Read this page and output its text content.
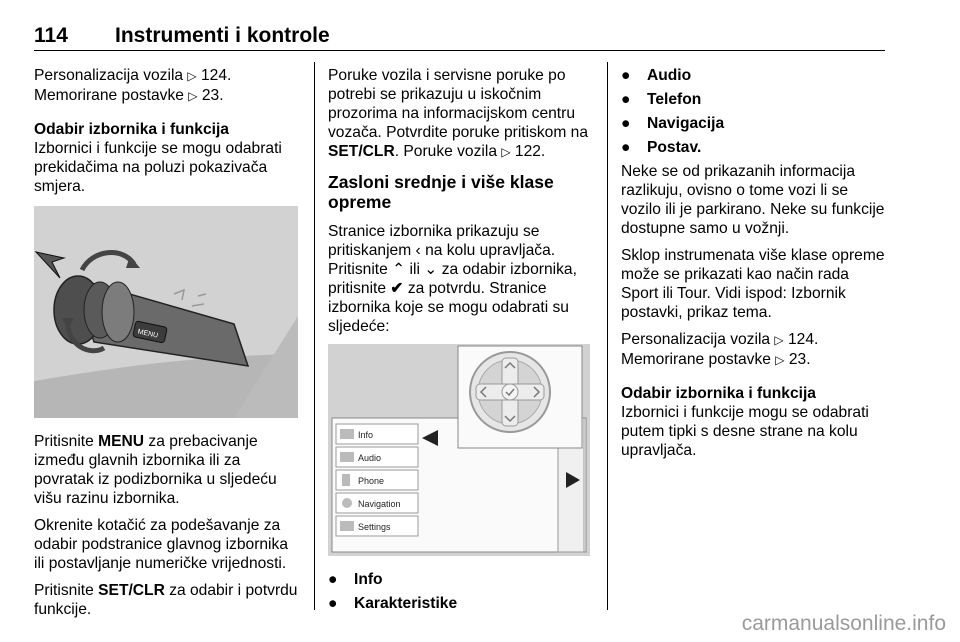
114 Instrumenti i kontrole

Personalizacija vozila ▷ 124.
Memorirane postavke ▷ 23.

Odabir izbornika i funkcija

Izbornici i funkcije se mogu odabrati prekidačima na poluzi pokazivača smjera.

MENU

Pritisnite MENU za prebacivanje između glavnih izbornika ili za povratak iz podizbornika u sljedeću višu razinu izbornika.

Okrenite kotačić za podešavanje za odabir podstranice glavnog izbornika ili postavljanje numeričke vrijednosti.

Pritisnite SET/CLR za odabir i potvrdu funkcije.

Poruke vozila i servisne poruke po potrebi se prikazuju u iskočnim prozorima na informacijskom centru vozača. Potvrdite poruke pritiskom na SET/CLR. Poruke vozila ▷ 122.

Zasloni srednje i više klase opreme

Stranice izbornika prikazuju se pritiskanjem ‹ na kolu upravljača. Pritisnite ⌃ ili ⌄ za odabir izbornika, pritisnite ✔ za potvrdu. Stranice izbornika koje se mogu odabrati su sljedeće:

Info
Audio
Phone
Navigation
Settings
●	Info
●	Karakteristike
●	Audio
●	Telefon
●	Navigacija
●	Postav.

Neke se od prikazanih informacija razlikuju, ovisno o tome vozi li se vozilo ili je parkirano. Neke su funkcije dostupne samo u vožnji.

Sklop instrumenata više klase opreme može se prikazati kao način rada Sport ili Tour. Vidi ispod: Izbornik postavki, prikaz tema.

Personalizacija vozila ▷ 124.
Memorirane postavke ▷ 23.

Odabir izbornika i funkcija

Izbornici i funkcije mogu se odabrati putem tipki s desne strane na kolu upravljača.

carmanualsonline.info
